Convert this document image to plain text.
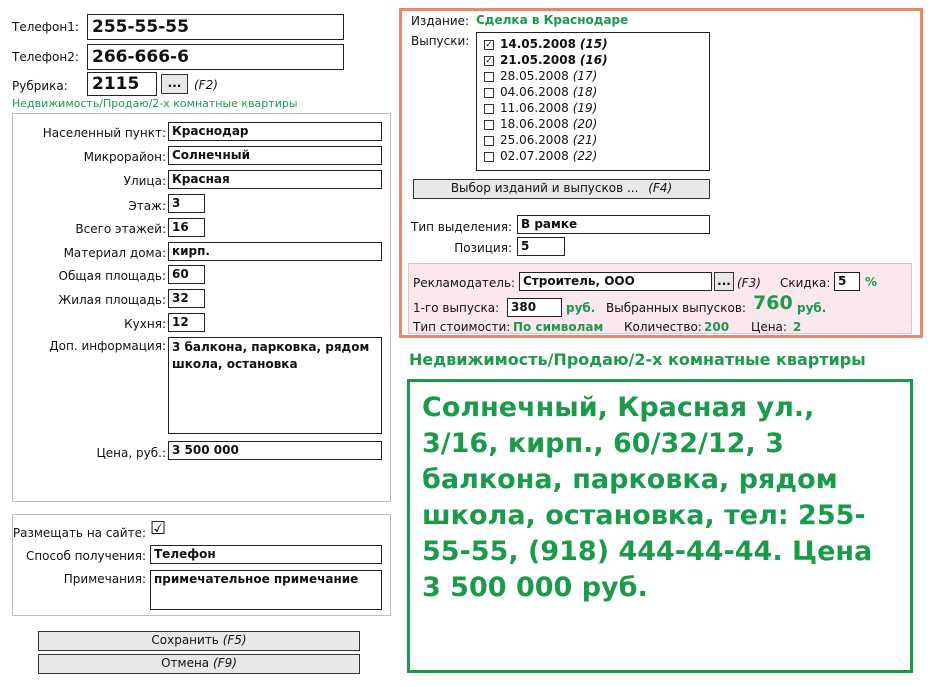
Телефон1: 255-55-55
Телефон2: 266-666-6
Рубрика: 2115	...	(F2)
Недвижимость/Продаю/2-х комнатные квартиры
Населенный пункт: Краснодар
Микрорайон: Солнечный
Улица: Красная
Этаж: 3
Всего этажей: 16
Материал дома: кирп.
Общая площадь: 60
Жилая площадь: 32
Кухня: 12
Доп. информация: 3 балкона, парковка, рядом школа, остановка
Цена, руб.: 3 500 000
Размещать на сайте: ☑
Способ получения: Телефон
Примечания: примечательное примечание
Сохранить (F5)
Отмена (F9)
Издание: Сделка в Краснодаре
Выпуски: ✓ 14.05.2008 (15)
✓ 21.05.2008 (16)
28.05.2008 (17)
04.06.2008 (18)
11.06.2008 (19)
18.06.2008 (20)
25.06.2008 (21)
02.07.2008 (22)
Выбор изданий и выпусков ... (F4)
Тип выделения: В рамке
Позиция: 5
Рекламодатель: Строитель, ООО	... (F3) Скидка: 5	%
1-го выпуска: 380	руб. Выбранных выпусков: 760 руб.
Тип стоимости: По символам Количество: 200 Цена: 2
Недвижимость/Продаю/2-х комнатные квартиры
Солнечный, Красная ул., 3/16, кирп., 60/32/12, 3 балкона, парковка, рядом школа, остановка, тел: 255-55-55, (918) 444-44-44. Цена 3 500 000 руб.
